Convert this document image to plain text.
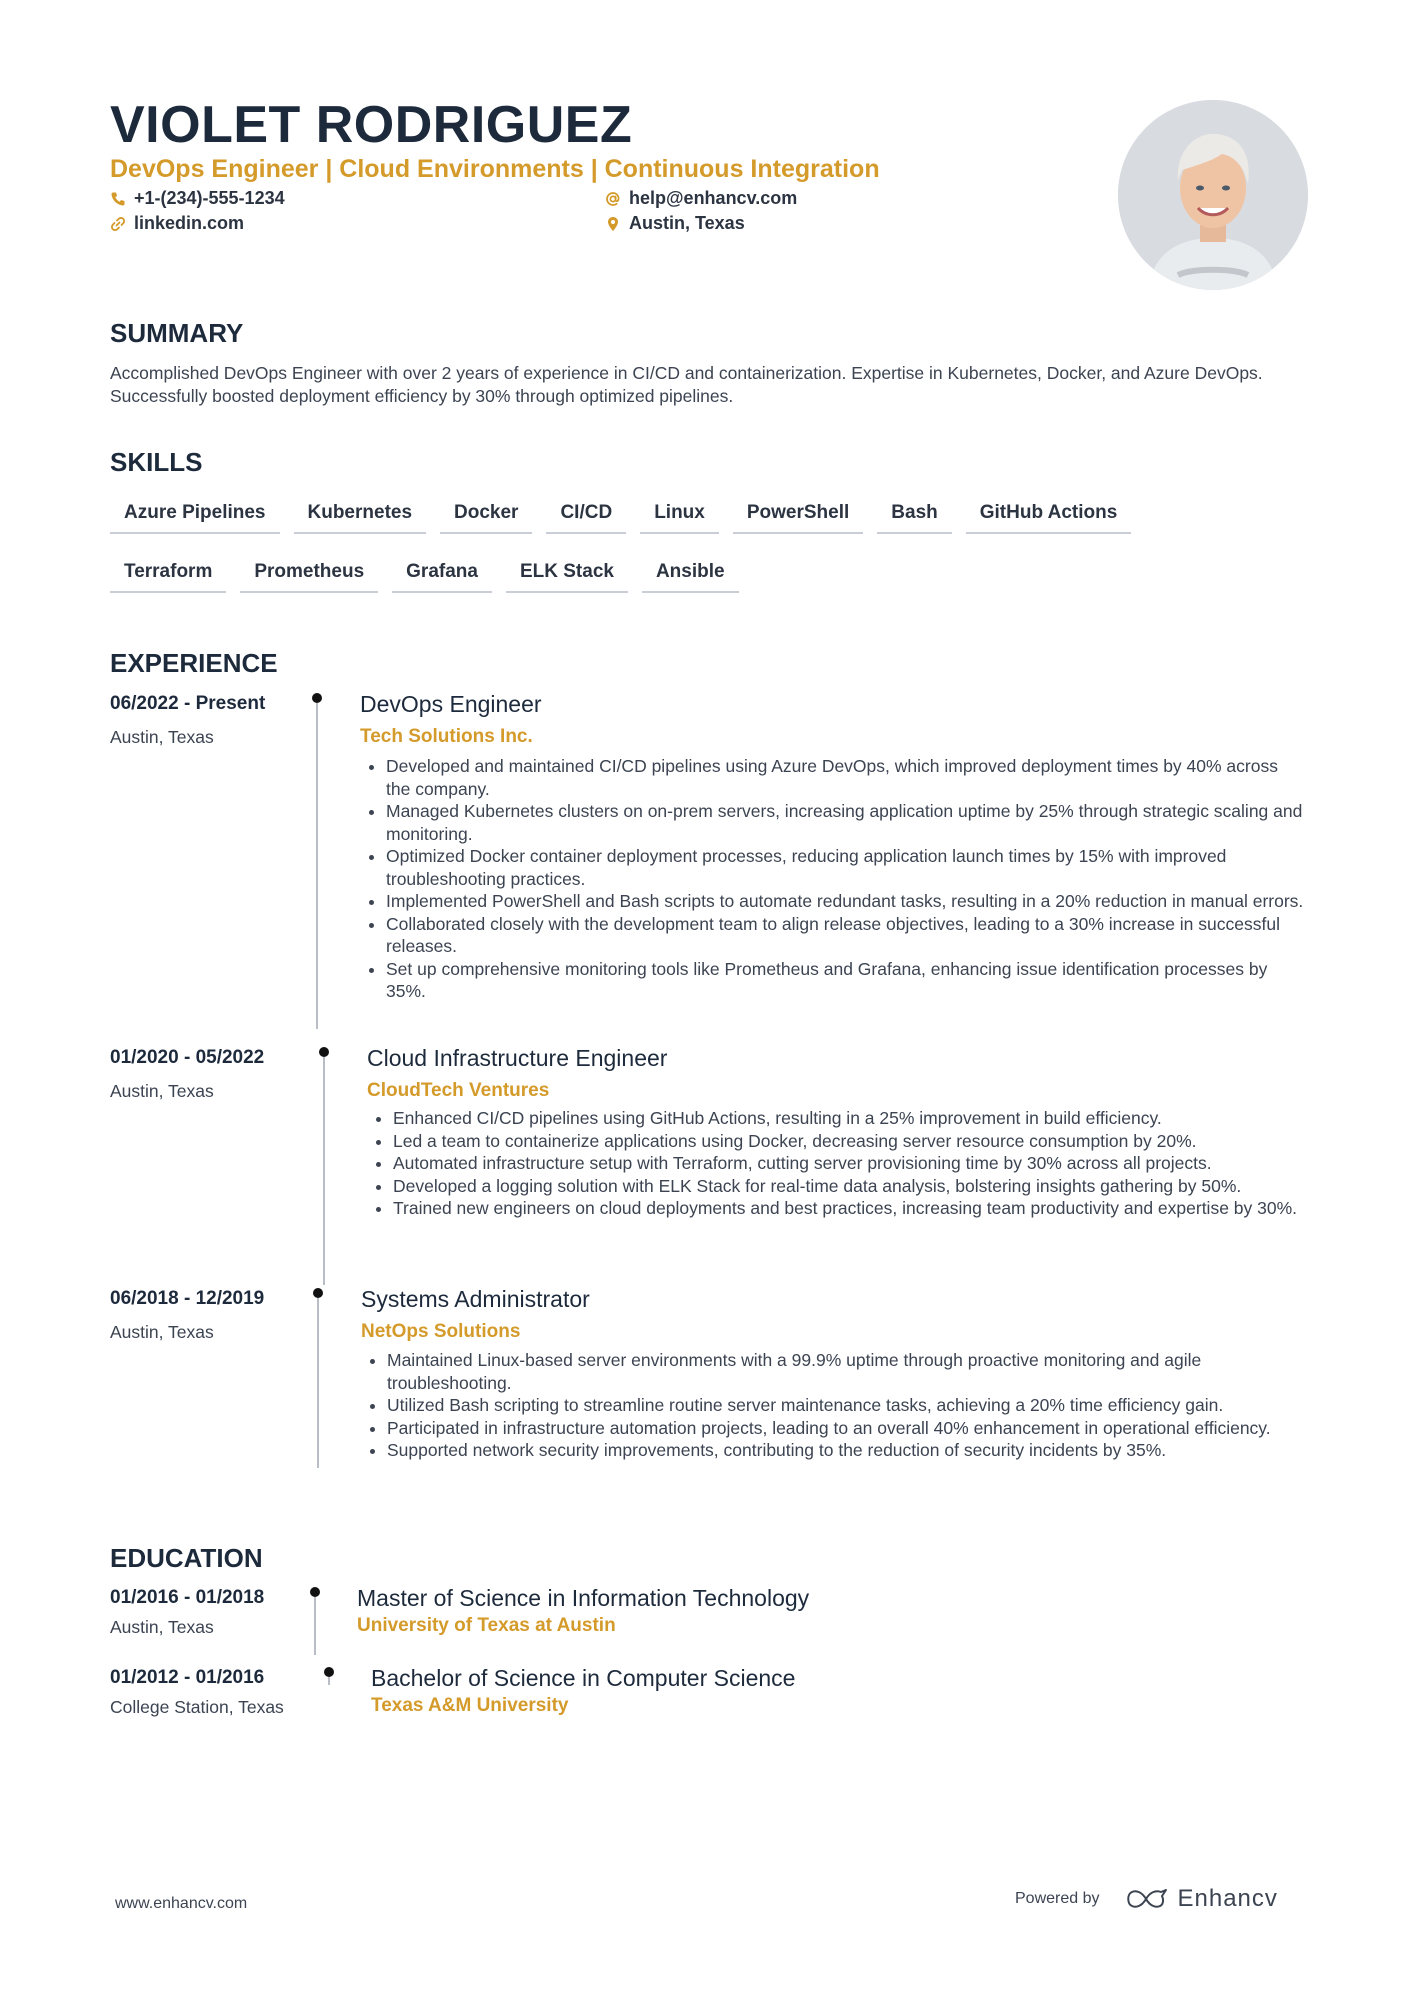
VIOLET RODRIGUEZ
DevOps Engineer | Cloud Environments | Continuous Integration
+1-(234)-555-1234
linkedin.com
help@enhancv.com
Austin, Texas
SUMMARY

Accomplished DevOps Engineer with over 2 years of experience in CI/CD and containerization. Expertise in Kubernetes, Docker, and Azure DevOps. Successfully boosted deployment efficiency by 30% through optimized pipelines.

SKILLS
Azure Pipelines	Kubernetes	Docker	CI/CD	Linux	PowerShell	Bash	GitHub Actions
Terraform	Prometheus	Grafana	ELK Stack	Ansible
EXPERIENCE
06/2022 - Present
Austin, Texas
DevOps Engineer
Tech Solutions Inc.
• Developed and maintained CI/CD pipelines using Azure DevOps, which improved deployment times by 40% across the company.
• Managed Kubernetes clusters on on-prem servers, increasing application uptime by 25% through strategic scaling and monitoring.
• Optimized Docker container deployment processes, reducing application launch times by 15% with improved troubleshooting practices.
• Implemented PowerShell and Bash scripts to automate redundant tasks, resulting in a 20% reduction in manual errors.
• Collaborated closely with the development team to align release objectives, leading to a 30% increase in successful releases.
• Set up comprehensive monitoring tools like Prometheus and Grafana, enhancing issue identification processes by 35%.
01/2020 - 05/2022
Austin, Texas
Cloud Infrastructure Engineer
CloudTech Ventures
• Enhanced CI/CD pipelines using GitHub Actions, resulting in a 25% improvement in build efficiency.
• Led a team to containerize applications using Docker, decreasing server resource consumption by 20%.
• Automated infrastructure setup with Terraform, cutting server provisioning time by 30% across all projects.
• Developed a logging solution with ELK Stack for real-time data analysis, bolstering insights gathering by 50%.
• Trained new engineers on cloud deployments and best practices, increasing team productivity and expertise by 30%.
06/2018 - 12/2019
Austin, Texas
Systems Administrator
NetOps Solutions
• Maintained Linux-based server environments with a 99.9% uptime through proactive monitoring and agile troubleshooting.
• Utilized Bash scripting to streamline routine server maintenance tasks, achieving a 20% time efficiency gain.
• Participated in infrastructure automation projects, leading to an overall 40% enhancement in operational efficiency.
• Supported network security improvements, contributing to the reduction of security incidents by 35%.
EDUCATION
01/2016 - 01/2018
Austin, Texas
Master of Science in Information Technology
University of Texas at Austin
01/2012 - 01/2016
College Station, Texas
Bachelor of Science in Computer Science
Texas A&M University
www.enhancv.com	Powered by	Enhancv
